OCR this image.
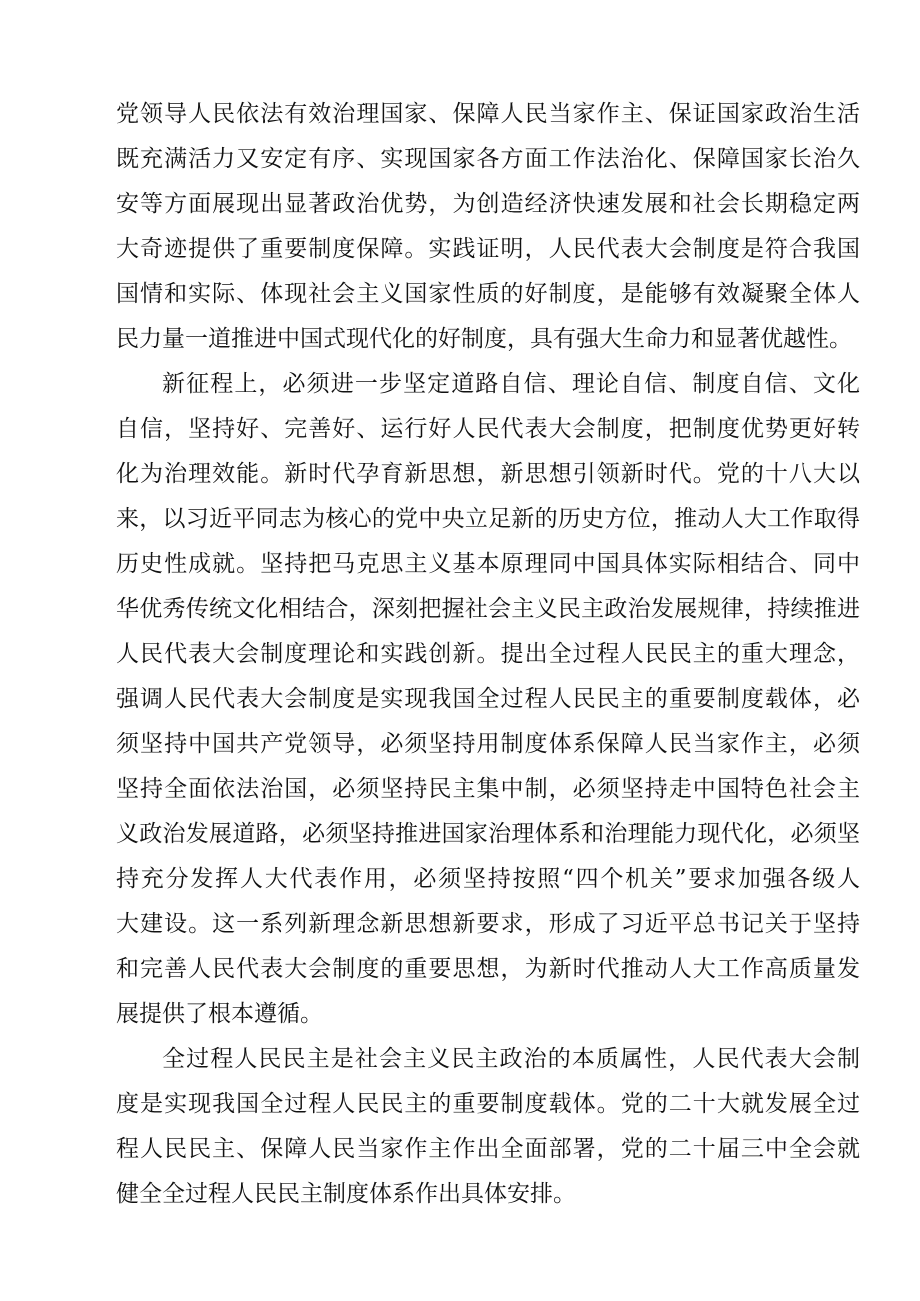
党领导人民依法有效治理国家、保障人民当家作主、保证国家政治生活
既充满活力又安定有序、实现国家各方面工作法治化、保障国家长治久
安等方面展现出显著政治优势，为创造经济快速发展和社会长期稳定两
大奇迹提供了重要制度保障。实践证明，人民代表大会制度是符合我国
国情和实际、体现社会主义国家性质的好制度，是能够有效凝聚全体人
民力量一道推进中国式现代化的好制度，具有强大生命力和显著优越性。

新征程上，必须进一步坚定道路自信、理论自信、制度自信、文化
自信，坚持好、完善好、运行好人民代表大会制度，把制度优势更好转
化为治理效能。新时代孕育新思想，新思想引领新时代。党的十八大以
来，以习近平同志为核心的党中央立足新的历史方位，推动人大工作取得
历史性成就。坚持把马克思主义基本原理同中国具体实际相结合、同中
华优秀传统文化相结合，深刻把握社会主义民主政治发展规律，持续推进
人民代表大会制度理论和实践创新。提出全过程人民民主的重大理念，
强调人民代表大会制度是实现我国全过程人民民主的重要制度载体，必
须坚持中国共产党领导，必须坚持用制度体系保障人民当家作主，必须
坚持全面依法治国，必须坚持民主集中制，必须坚持走中国特色社会主
义政治发展道路，必须坚持推进国家治理体系和治理能力现代化，必须坚
持充分发挥人大代表作用，必须坚持按照“四个机关”要求加强各级人
大建设。这一系列新理念新思想新要求，形成了习近平总书记关于坚持
和完善人民代表大会制度的重要思想，为新时代推动人大工作高质量发
展提供了根本遵循。

全过程人民民主是社会主义民主政治的本质属性，人民代表大会制
度是实现我国全过程人民民主的重要制度载体。党的二十大就发展全过
程人民民主、保障人民当家作主作出全面部署，党的二十届三中全会就
健全全过程人民民主制度体系作出具体安排。
